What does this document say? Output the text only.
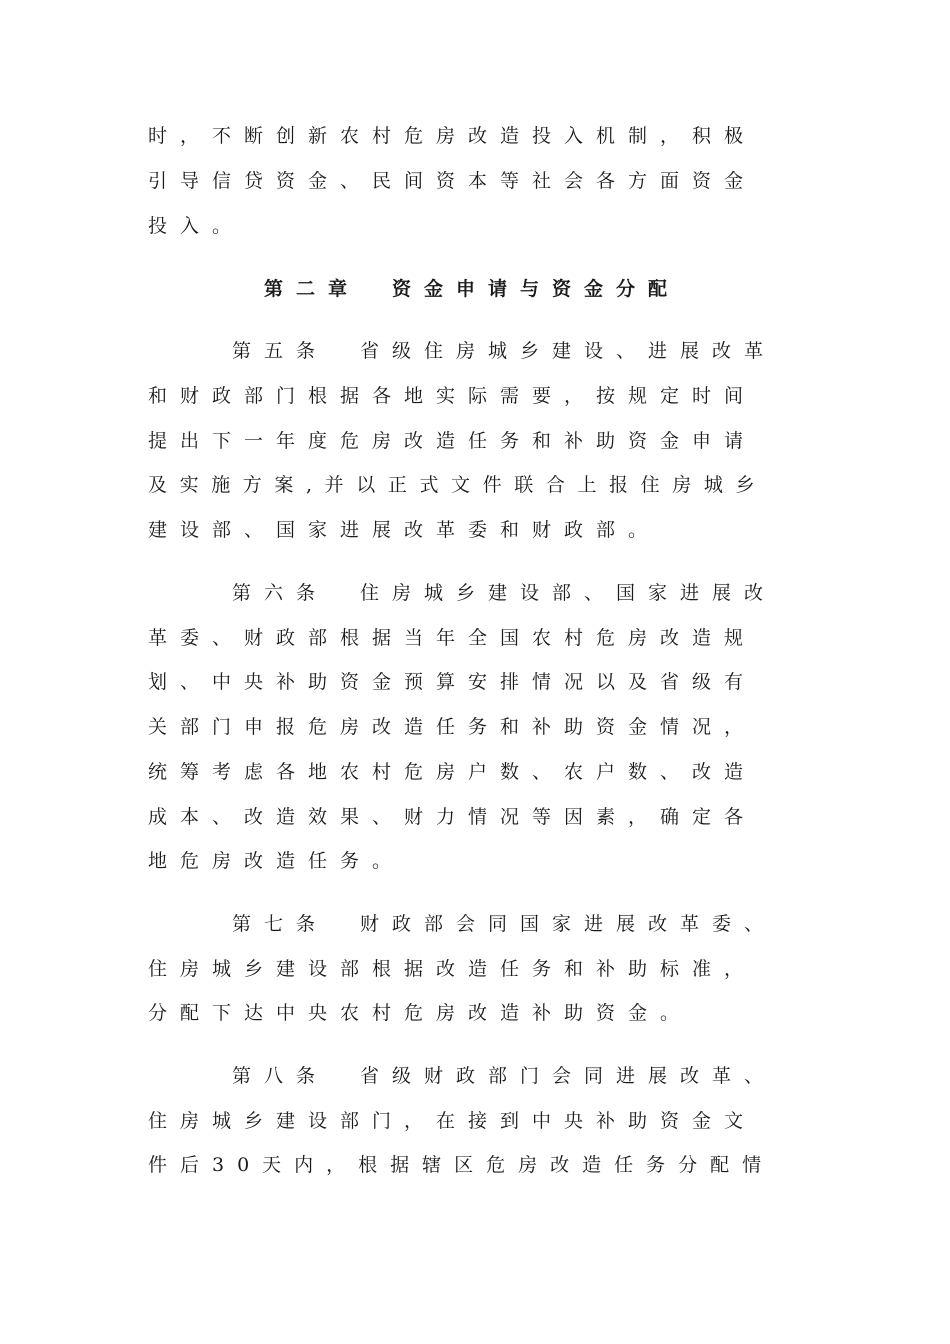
时，不断创新农村危房改造投入机制，积极
引导信贷资金、民间资本等社会各方面资金
投入。
第二章　资金申请与资金分配
第五条　省级住房城乡建设、进展改革
和财政部门根据各地实际需要，按规定时间
提出下一年度危房改造任务和补助资金申请
及实施方案,并以正式文件联合上报住房城乡
建设部、国家进展改革委和财政部。
第六条　住房城乡建设部、国家进展改
革委、财政部根据当年全国农村危房改造规
划、中央补助资金预算安排情况以及省级有
关部门申报危房改造任务和补助资金情况，
统筹考虑各地农村危房户数、农户数、改造
成本、改造效果、财力情况等因素，确定各
地危房改造任务。
第七条　财政部会同国家进展改革委、
住房城乡建设部根据改造任务和补助标准，
分配下达中央农村危房改造补助资金。
第八条　省级财政部门会同进展改革、
住房城乡建设部门，在接到中央补助资金文
件后30天内，根据辖区危房改造任务分配情
